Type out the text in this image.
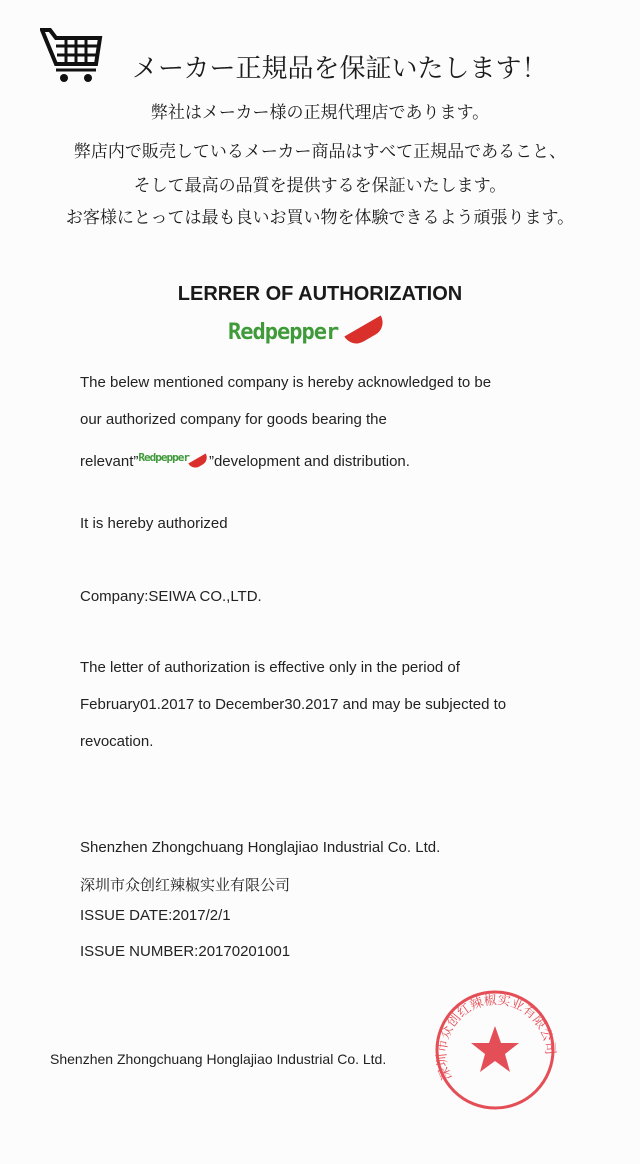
メーカー正規品を保証いたします！
弊社はメーカー様の正規代理店であります。
弊店内で販売しているメーカー商品はすべて正規品であること、
そして最高の品質を提供するを保証いたします。
お客様にとっては最も良いお買い物を体験できるよう頑張ります。
LERRER OF AUTHORIZATION
Redpepper
The belew mentioned company is hereby acknowledged to be
our authorized company for goods bearing the
relevant”$^{Redpepper}$ ”development and distribution.
It is hereby authorized
Company:SEIWA CO.,LTD.
The letter of authorization is effective only in the period of
February01.2017 to December30.2017 and may be subjected to
revocation.
Shenzhen Zhongchuang Honglajiao Industrial Co. Ltd.
深圳市众创红辣椒实业有限公司
ISSUE DATE:2017/2/1
ISSUE NUMBER:20170201001
Shenzhen Zhongchuang Honglajiao Industrial Co. Ltd.
深圳市众创红辣椒实业有限公司
